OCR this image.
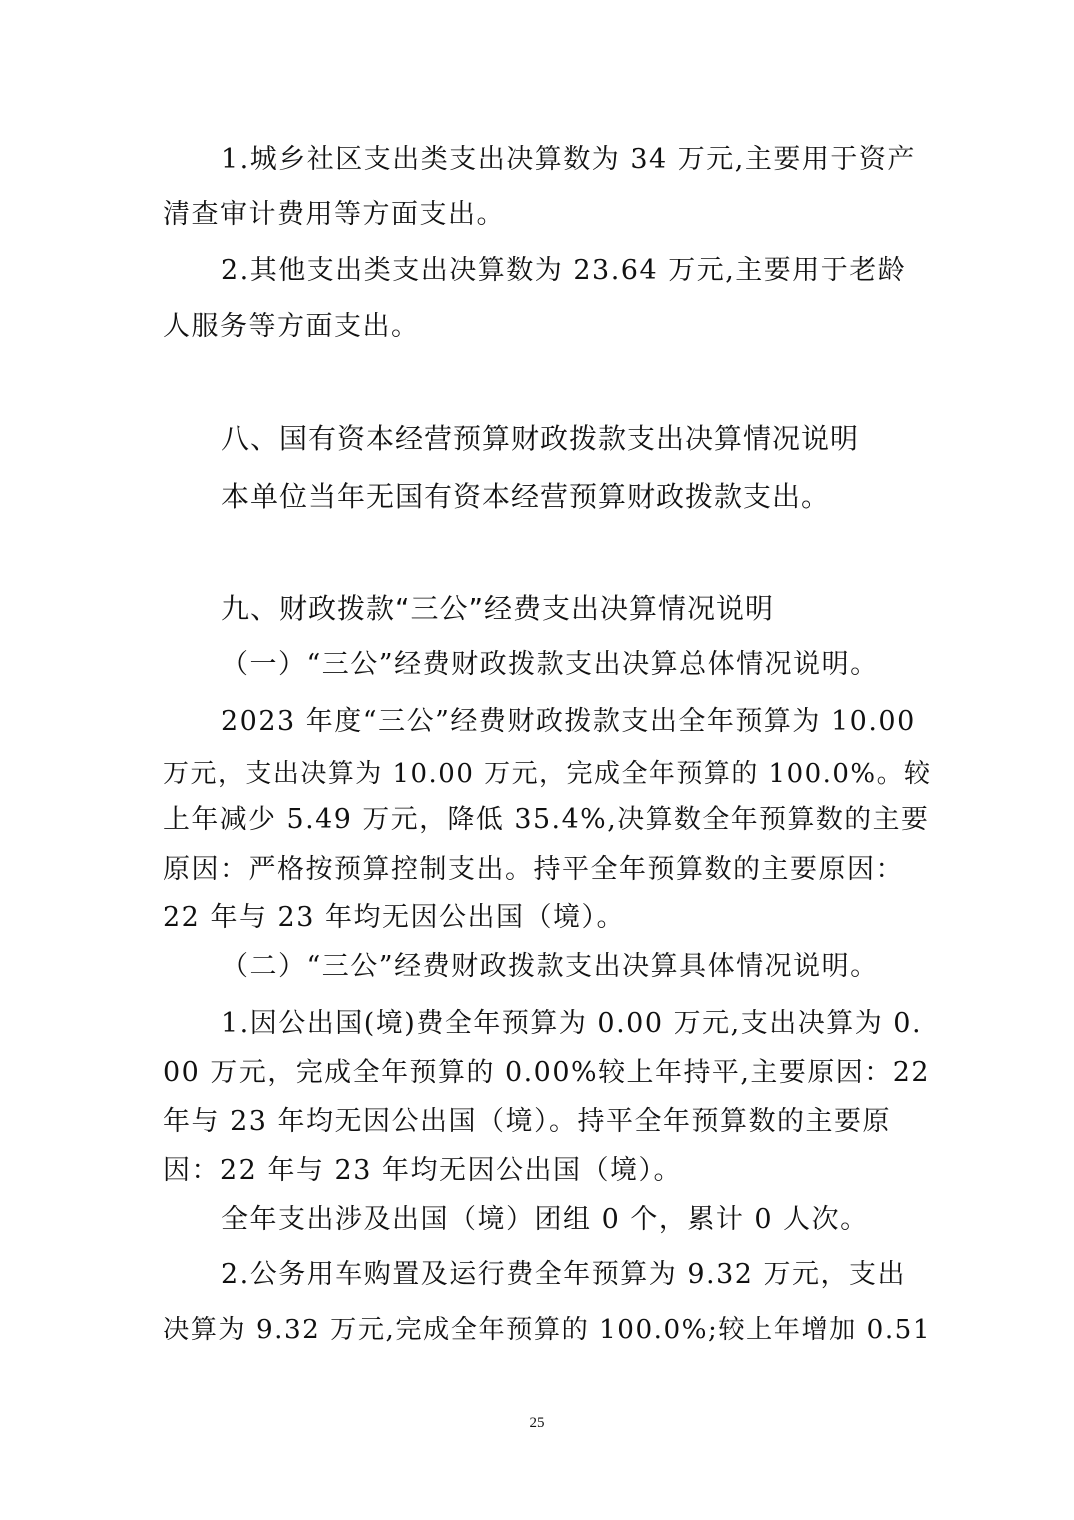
1.城乡社区支出类支出决算数为 34 万元,主要用于资产
清查审计费用等方面支出。
2.其他支出类支出决算数为 23.64 万元,主要用于老龄
人服务等方面支出。
八、国有资本经营预算财政拨款支出决算情况说明
本单位当年无国有资本经营预算财政拨款支出。
九、财政拨款“三公”经费支出决算情况说明
（一）“三公”经费财政拨款支出决算总体情况说明。
2023 年度“三公”经费财政拨款支出全年预算为 10.00
万元，支出决算为 10.00 万元，完成全年预算的 100.0%。较
上年减少 5.49 万元，降低 35.4%,决算数全年预算数的主要
原因：严格按预算控制支出。持平全年预算数的主要原因：
22 年与 23 年均无因公出国（境）。
（二）“三公”经费财政拨款支出决算具体情况说明。
1.因公出国(境)费全年预算为 0.00 万元,支出决算为 0.
00 万元，完成全年预算的 0.00%较上年持平,主要原因：22
年与 23 年均无因公出国（境）。持平全年预算数的主要原
因：22 年与 23 年均无因公出国（境）。
全年支出涉及出国（境）团组 0 个，累计 0 人次。
2.公务用车购置及运行费全年预算为 9.32 万元，支出
决算为 9.32 万元,完成全年预算的 100.0%;较上年增加 0.51
25
